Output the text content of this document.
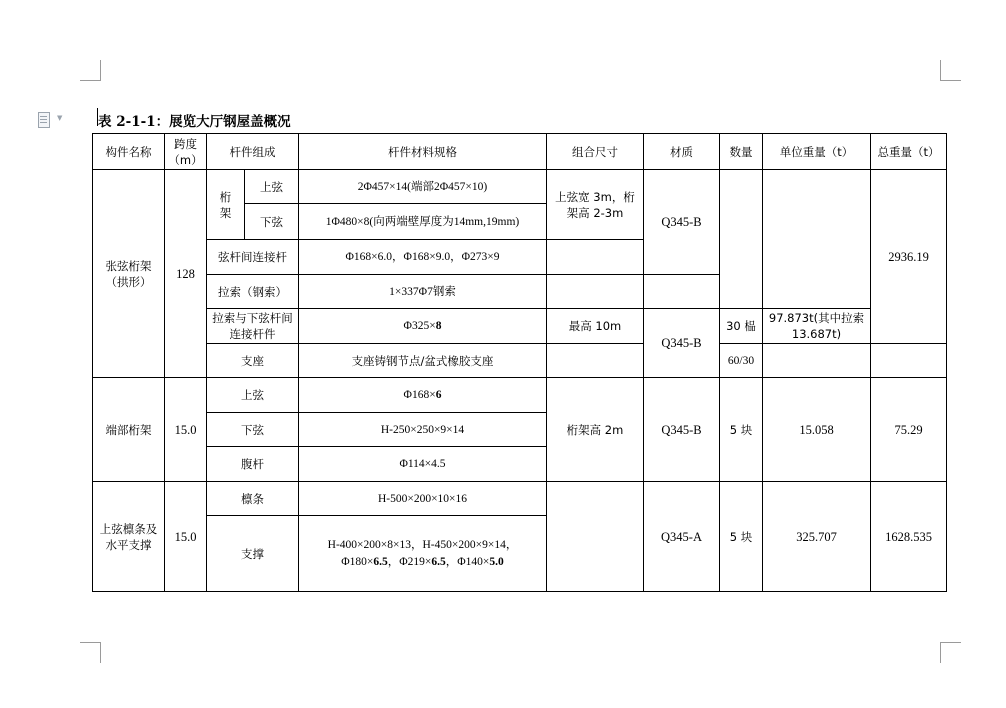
▼	表 2-1-1：展览大厅钢屋盖概况
构件名称	跨度（m）	杆件组成		杆件材料规格	组合尺寸	材质	数量	单位重量（t）	总重量（t）
张弦桁架（拱形）	128	桁架	上弦	2Φ457×14(端部2Φ457×10)	上弦宽 3m，桁架高 2-3m	Q345-B			2936.19
			下弦	1Φ480×8(向两端壁厚度为14mm,19mm)					
		弦杆间连接杆		Φ168×6.0，Φ168×9.0，Φ273×9					
		拉索（钢索）		1×337Φ7钢索					
		拉索与下弦杆间连接杆件		Φ325×8	最高 10m	Q345-B	30 榀	97.873t(其中拉索 13.687t)	
		支座		支座铸钢节点/盆式橡胶支座			60/30		
端部桁架	15.0	上弦		Φ168×6	桁架高 2m	Q345-B	5 块	15.058	75.29
		下弦		H-250×250×9×14					
		腹杆		Φ114×4.5					
上弦檩条及水平支撑	15.0	檩条		H-500×200×10×16		Q345-A	5 块	325.707	1628.535
		支撑		H-400×200×8×13，H-450×200×9×14，
Φ180×6.5，Φ219×6.5，Φ140×5.0					
